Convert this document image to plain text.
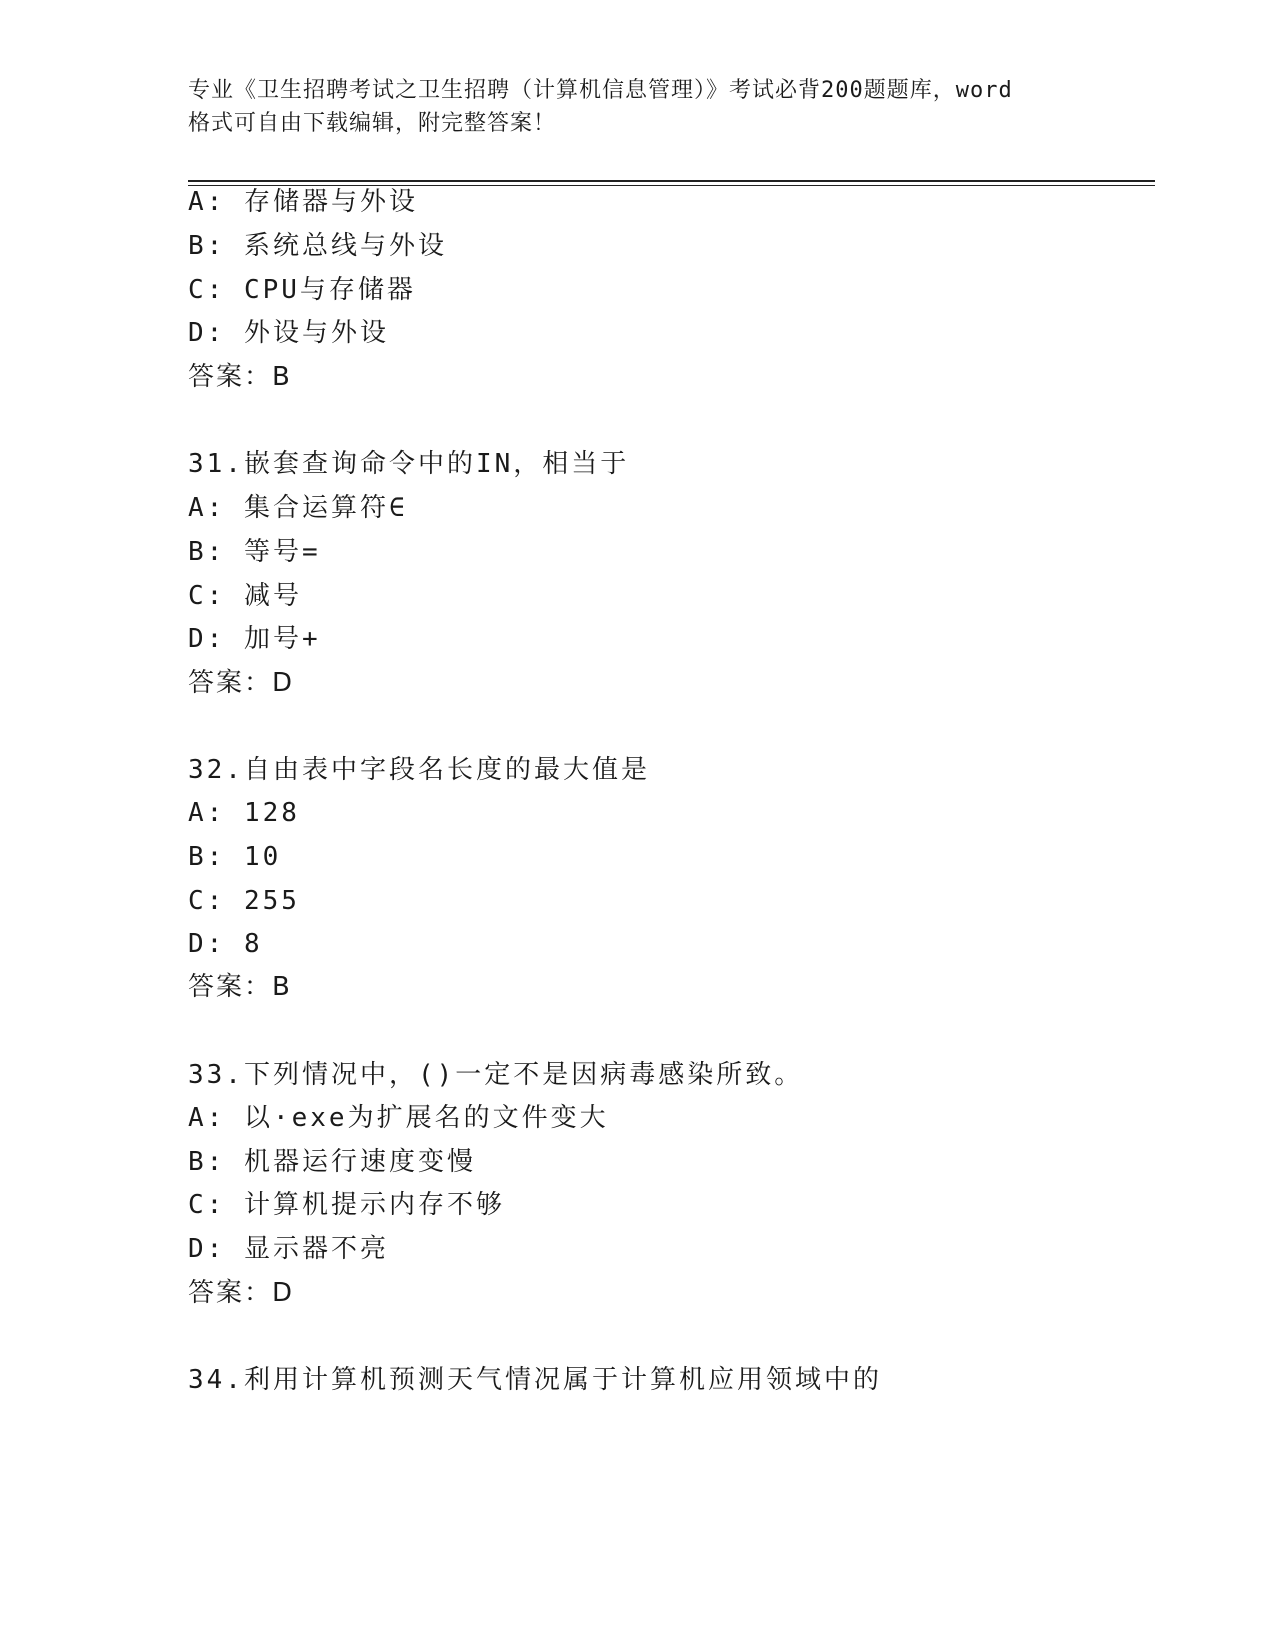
专业《卫生招聘考试之卫生招聘（计算机信息管理）》考试必背200题题库，word
格式可自由下载编辑，附完整答案！
A: 存储器与外设
B: 系统总线与外设
C: CPU与存储器
D: 外设与外设
答案：B
31.嵌套查询命令中的IN，相当于
A: 集合运算符∈
B: 等号=
C: 减号
D: 加号+
答案：D
32.自由表中字段名长度的最大值是
A: 128
B: 10
C: 255
D: 8
答案：B
33.下列情况中，()一定不是因病毒感染所致。
A: 以·exe为扩展名的文件变大
B: 机器运行速度变慢
C: 计算机提示内存不够
D: 显示器不亮
答案：D
34.利用计算机预测天气情况属于计算机应用领域中的
